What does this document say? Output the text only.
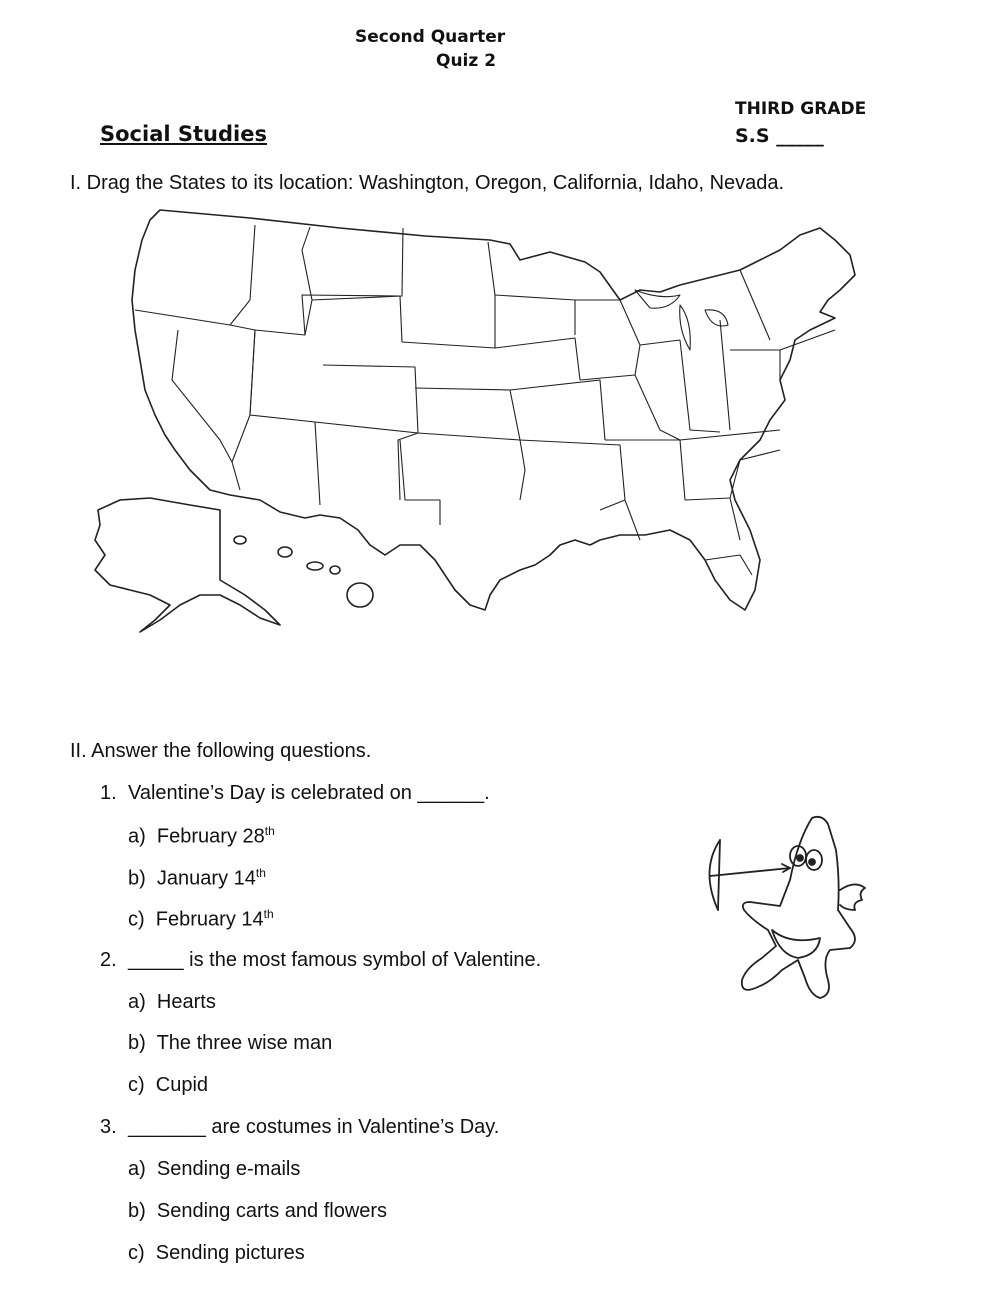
Second Quarter
Quiz 2
THIRD GRADE
S.S _____
Social Studies
I. Drag the States to its location: Washington, Oregon, California, Idaho, Nevada.
II. Answer the following questions.
1. Valentine’s Day is celebrated on ______.
a) February 28th
b) January 14th
c) February 14th
2. _____ is the most famous symbol of Valentine.
a) Hearts
b) The three wise man
c) Cupid
3. _______ are costumes in Valentine’s Day.
a) Sending e-mails
b) Sending carts and flowers
c) Sending pictures
